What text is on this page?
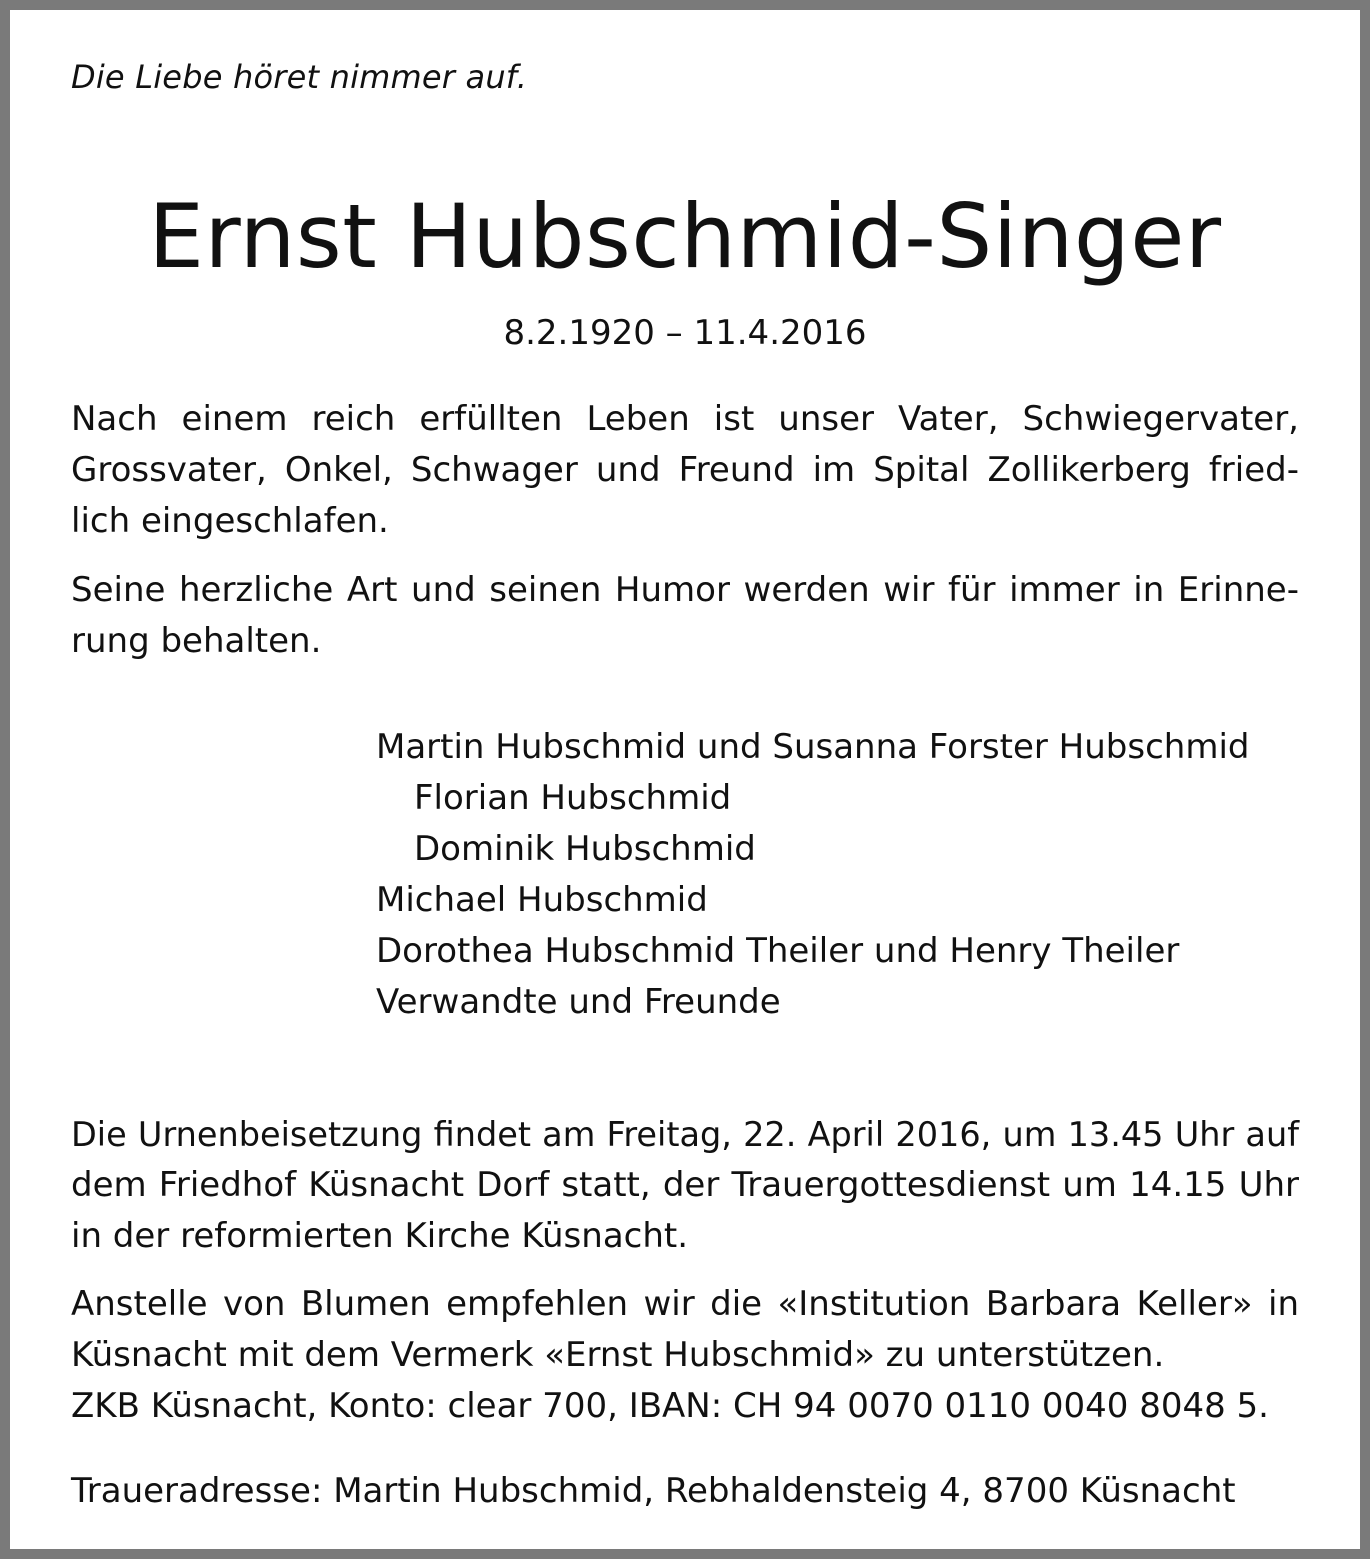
Die Liebe höret nimmer auf.
Ernst Hubschmid-Singer
8.2.1920 – 11.4.2016
Nach einem reich erfüllten Leben ist unser Vater, Schwiegervater,
Grossvater, Onkel, Schwager und Freund im Spital Zollikerberg fried-
lich eingeschlafen.
Seine herzliche Art und seinen Humor werden wir für immer in Erinne-
rung behalten.
Martin Hubschmid und Susanna Forster Hubschmid
Florian Hubschmid
Dominik Hubschmid
Michael Hubschmid
Dorothea Hubschmid Theiler und Henry Theiler
Verwandte und Freunde
Die Urnenbeisetzung findet am Freitag, 22. April 2016, um 13.45 Uhr auf
dem Friedhof Küsnacht Dorf statt, der Trauergottesdienst um 14.15 Uhr
in der reformierten Kirche Küsnacht.
Anstelle von Blumen empfehlen wir die «Institution Barbara Keller» in
Küsnacht mit dem Vermerk «Ernst Hubschmid» zu unterstützen.
ZKB Küsnacht, Konto: clear 700, IBAN: CH 94 0070 0110 0040 8048 5.
Traueradresse: Martin Hubschmid, Rebhaldensteig 4, 8700 Küsnacht
